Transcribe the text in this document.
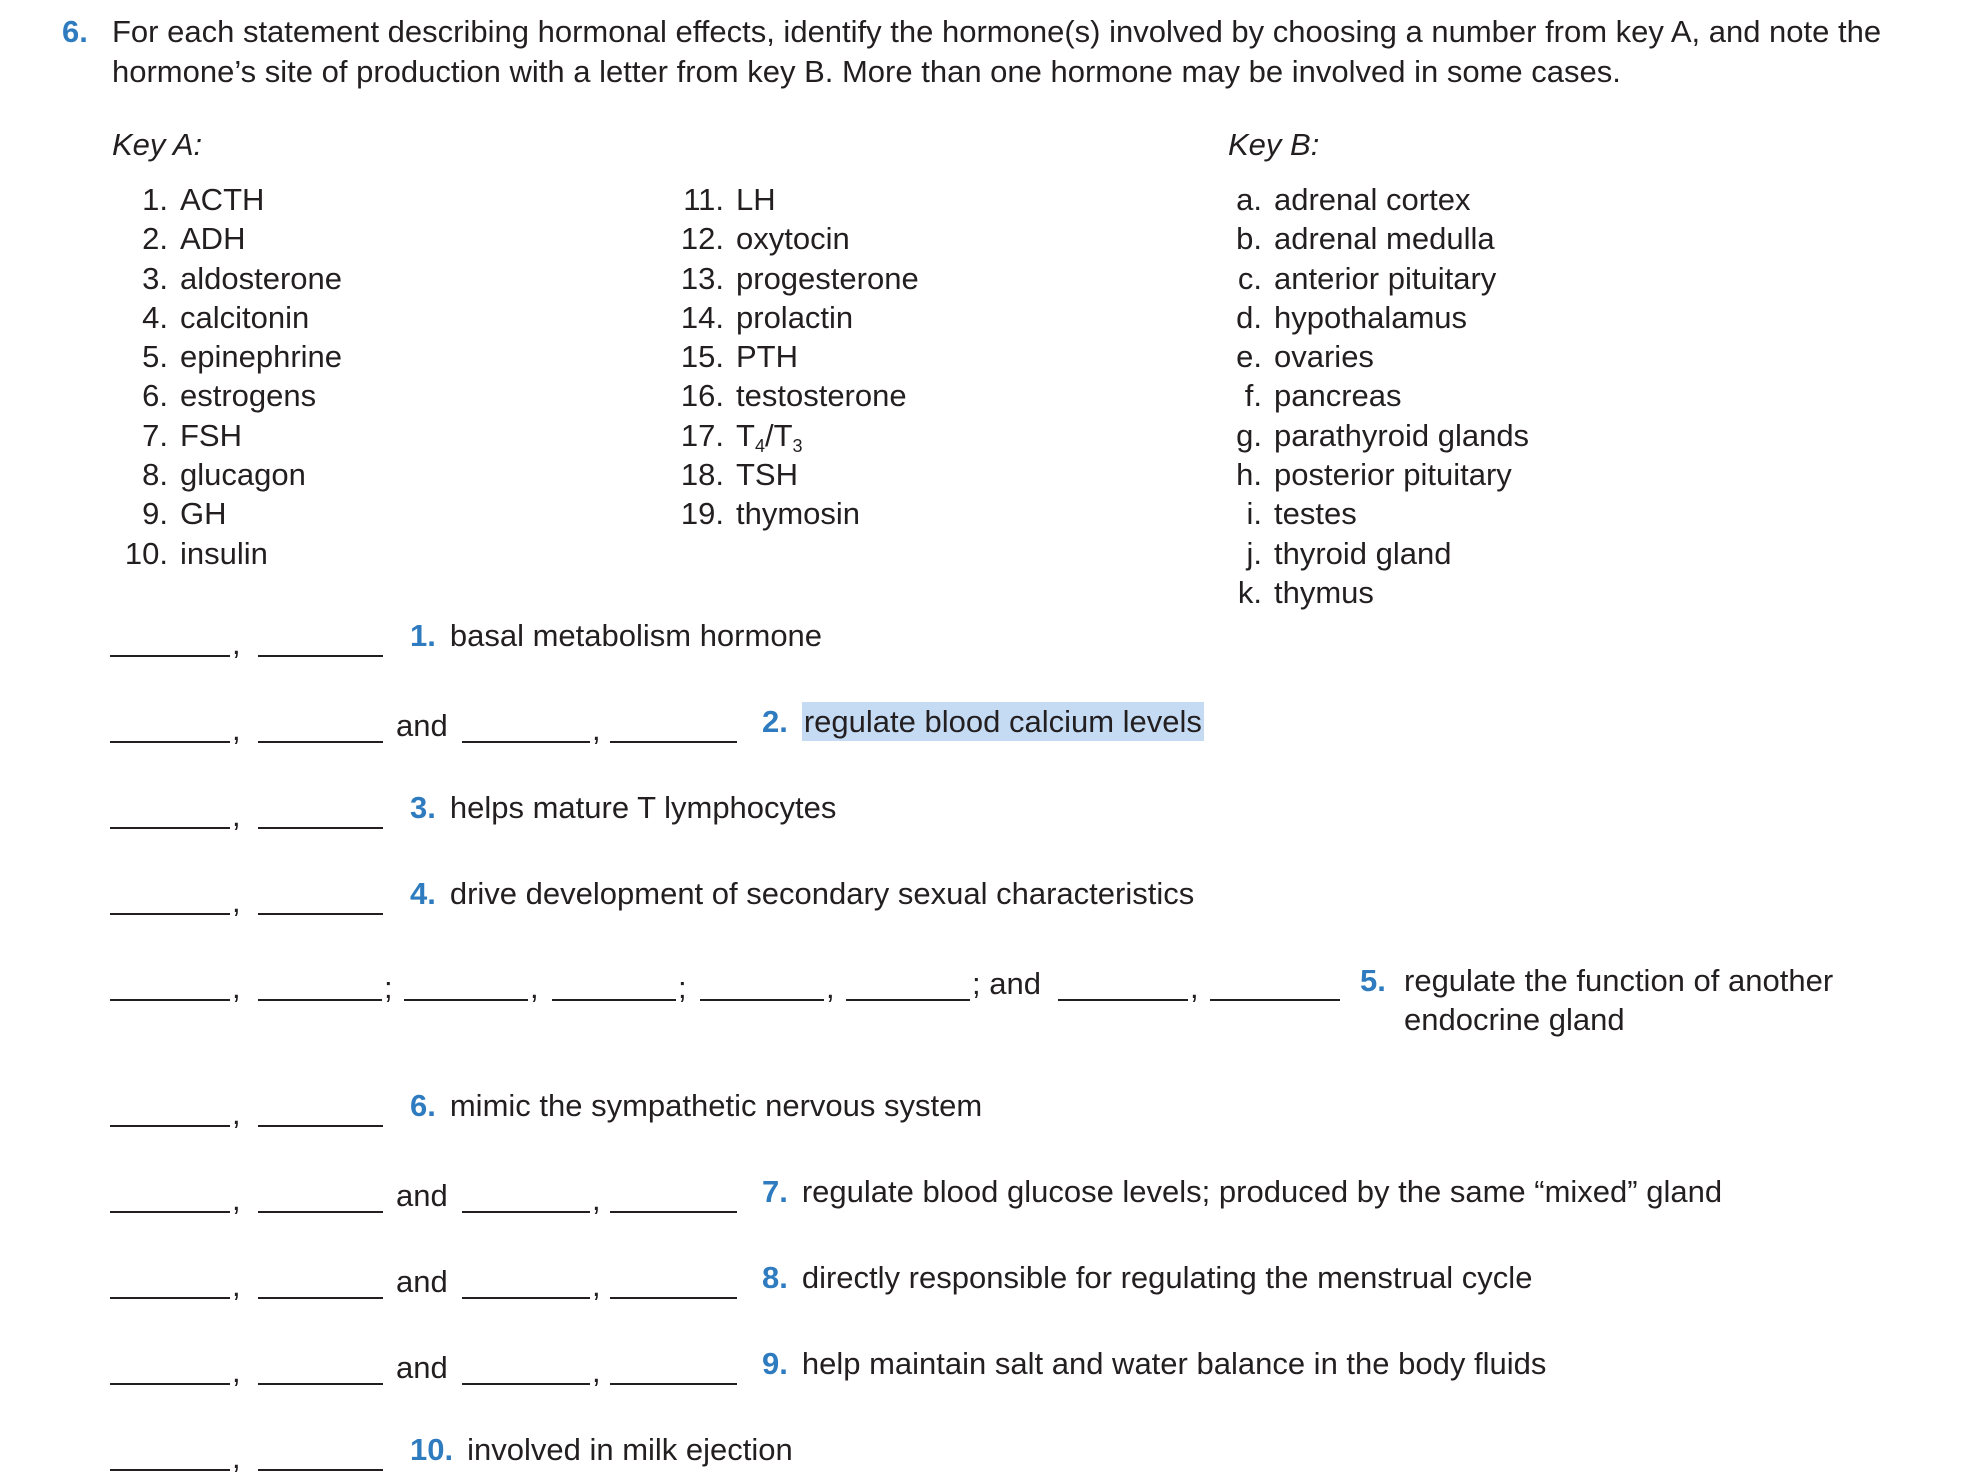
6. For each statement describing hormonal effects, identify the hormone(s) involved by choosing a number from key A, and note the hormone’s site of production with a letter from key B. More than one hormone may be involved in some cases.
Key A:	Key B:
1. ACTH
2. ADH
3. aldosterone
4. calcitonin
5. epinephrine
6. estrogens
7. FSH
8. glucagon
9. GH
10. insulin
11. LH
12. oxytocin
13. progesterone
14. prolactin
15. PTH
16. testosterone
17. $T_4/T_3$
18. TSH
19. thymosin
a. adrenal cortex
b. adrenal medulla
c. anterior pituitary
d. hypothalamus
e. ovaries
f. pancreas
g. parathyroid glands
h. posterior pituitary
i. testes
j. thyroid gland
k. thymus
,	1. basal metabolism hormone
,	and	,	2. regulate blood calcium levels
,	3. helps mature T lymphocytes
,	4. drive development of secondary sexual characteristics
,	;	,	;	,	; and	,	5. regulate the function of another
endocrine gland
,	6. mimic the sympathetic nervous system
,	and	,	7. regulate blood glucose levels; produced by the same “mixed” gland
,	and	,	8. directly responsible for regulating the menstrual cycle
,	and	,	9. help maintain salt and water balance in the body fluids
,	10. involved in milk ejection
